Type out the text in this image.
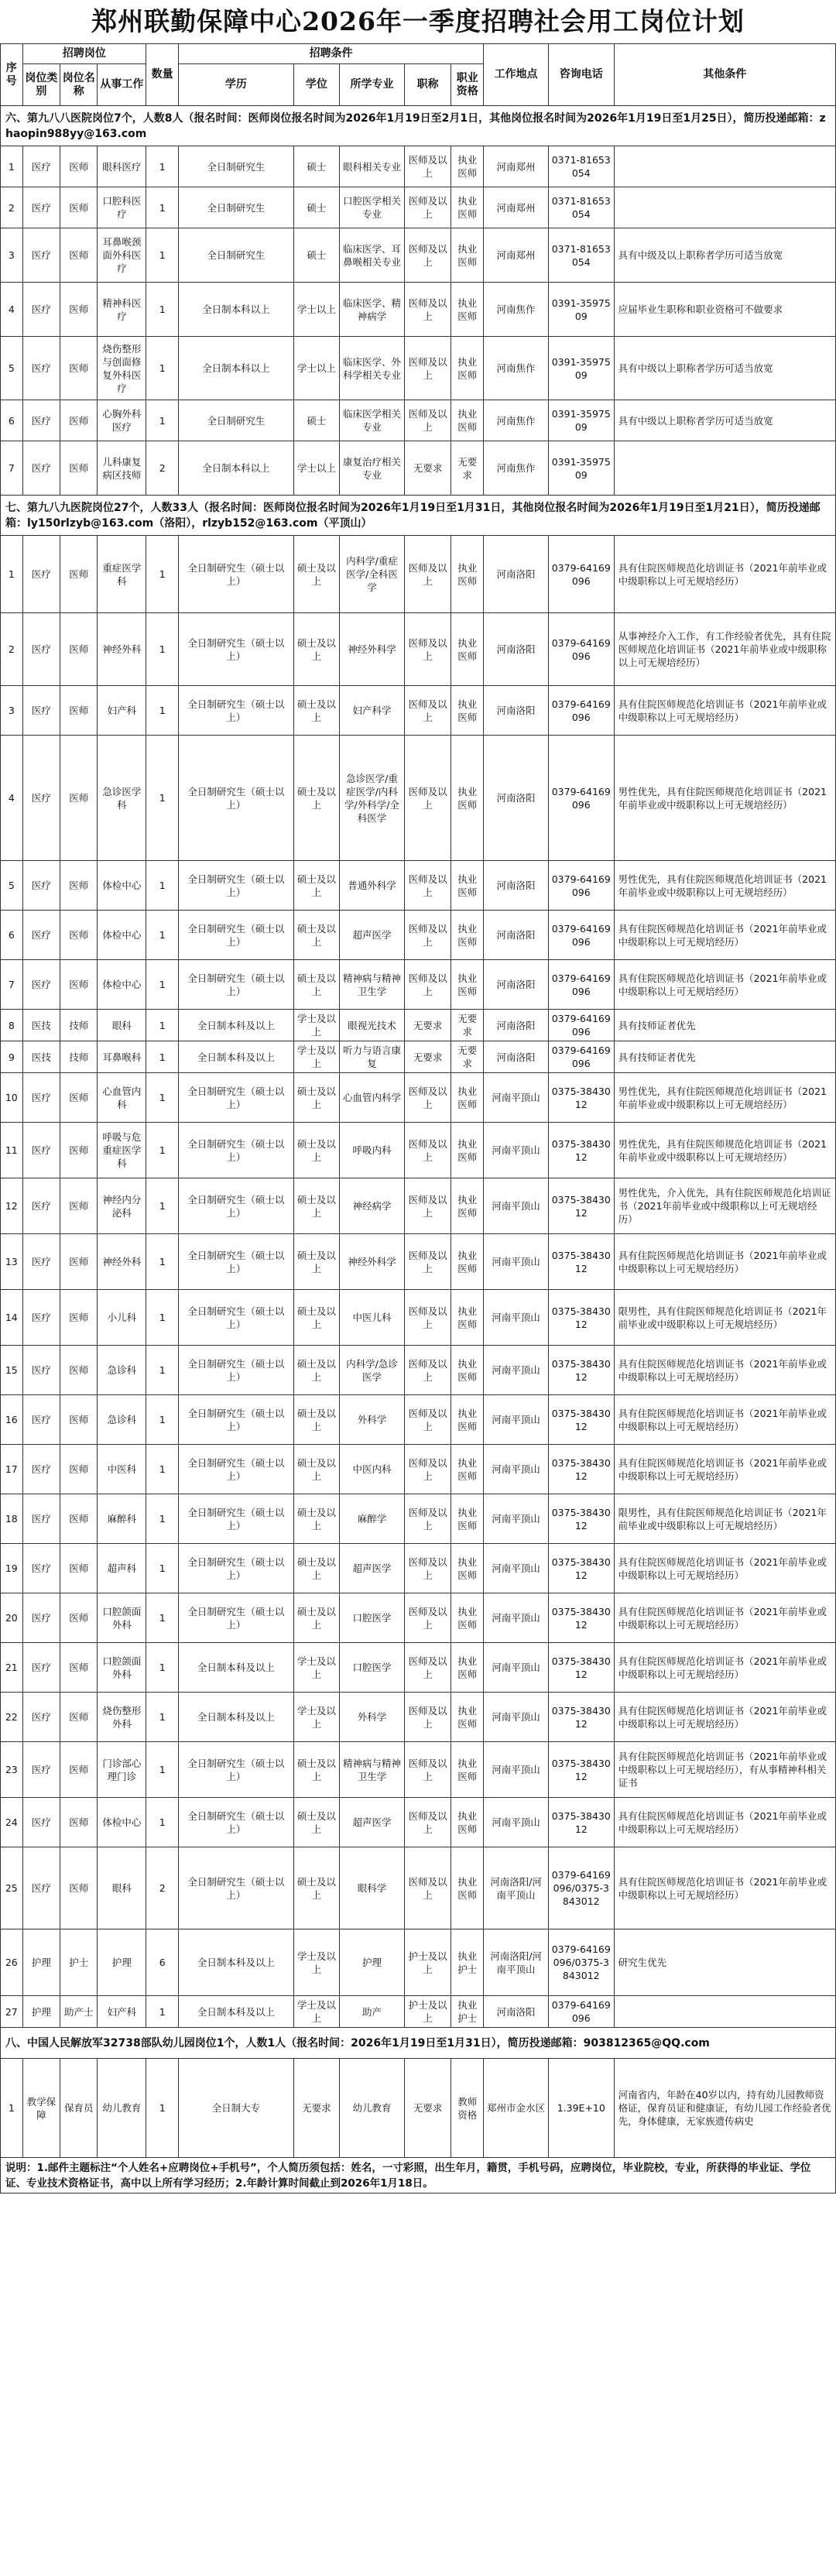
郑州联勤保障中心2026年一季度招聘社会用工岗位计划
序号	招聘岗位			数量	招聘条件					工作地点	咨询电话	其他条件
	岗位类别	岗位名称	从事工作		学历	学位	所学专业	职称	职业资格			
六、第九八八医院岗位7个，人数8人（报名时间：医师岗位报名时间为2026年1月19日至2月1日，其他岗位报名时间为2026年1月19日至1月25日），简历投递邮箱：zhaopin988yy@163.com												
1	医疗	医师	眼科医疗	1	全日制研究生	硕士	眼科相关专业	医师及以上	执业医师	河南郑州	0371-81653054	
2	医疗	医师	口腔科医疗	1	全日制研究生	硕士	口腔医学相关专业	医师及以上	执业医师	河南郑州	0371-81653054	
3	医疗	医师	耳鼻喉颈面外科医疗	1	全日制研究生	硕士	临床医学、耳鼻喉相关专业	医师及以上	执业医师	河南郑州	0371-81653054	具有中级及以上职称者学历可适当放宽
4	医疗	医师	精神科医疗	1	全日制本科以上	学士以上	临床医学、精神病学	医师及以上	执业医师	河南焦作	0391-3597509	应届毕业生职称和职业资格可不做要求
5	医疗	医师	烧伤整形与创面修复外科医疗	1	全日制本科以上	学士以上	临床医学、外科学相关专业	医师及以上	执业医师	河南焦作	0391-3597509	具有中级以上职称者学历可适当放宽
6	医疗	医师	心胸外科医疗	1	全日制研究生	硕士	临床医学相关专业	医师及以上	执业医师	河南焦作	0391-3597509	具有中级以上职称者学历可适当放宽
7	医疗	医师	儿科康复病区技师	2	全日制本科以上	学士以上	康复治疗相关专业	无要求	无要求	河南焦作	0391-3597509	
七、第九八九医院岗位27个，人数33人（报名时间：医师岗位报名时间为2026年1月19日至1月31日，其他岗位报名时间为2026年1月19日至1月21日），简历投递邮箱：ly150rlzyb@163.com（洛阳），rlzyb152@163.com（平顶山）												
1	医疗	医师	重症医学科	1	全日制研究生（硕士以上）	硕士及以上	内科学/重症医学/全科医学	医师及以上	执业医师	河南洛阳	0379-64169096	具有住院医师规范化培训证书（2021年前毕业或中级职称以上可无规培经历）
2	医疗	医师	神经外科	1	全日制研究生（硕士以上）	硕士及以上	神经外科学	医师及以上	执业医师	河南洛阳	0379-64169096	从事神经介入工作，有工作经验者优先，具有住院医师规范化培训证书（2021年前毕业或中级职称以上可无规培经历）
3	医疗	医师	妇产科	1	全日制研究生（硕士以上）	硕士及以上	妇产科学	医师及以上	执业医师	河南洛阳	0379-64169096	具有住院医师规范化培训证书（2021年前毕业或中级职称以上可无规培经历）
4	医疗	医师	急诊医学科	1	全日制研究生（硕士以上）	硕士及以上	急诊医学/重症医学/内科学/外科学/全科医学	医师及以上	执业医师	河南洛阳	0379-64169096	男性优先，具有住院医师规范化培训证书（2021年前毕业或中级职称以上可无规培经历）
5	医疗	医师	体检中心	1	全日制研究生（硕士以上）	硕士及以上	普通外科学	医师及以上	执业医师	河南洛阳	0379-64169096	男性优先，具有住院医师规范化培训证书（2021年前毕业或中级职称以上可无规培经历）
6	医疗	医师	体检中心	1	全日制研究生（硕士以上）	硕士及以上	超声医学	医师及以上	执业医师	河南洛阳	0379-64169096	具有住院医师规范化培训证书（2021年前毕业或中级职称以上可无规培经历）
7	医疗	医师	体检中心	1	全日制研究生（硕士以上）	硕士及以上	精神病与精神卫生学	医师及以上	执业医师	河南洛阳	0379-64169096	具有住院医师规范化培训证书（2021年前毕业或中级职称以上可无规培经历）
8	医技	技师	眼科	1	全日制本科及以上	学士及以上	眼视光技术	无要求	无要求	河南洛阳	0379-64169096	具有技师证者优先
9	医技	技师	耳鼻喉科	1	全日制本科及以上	学士及以上	听力与语言康复	无要求	无要求	河南洛阳	0379-64169096	具有技师证者优先
10	医疗	医师	心血管内科	1	全日制研究生（硕士以上）	硕士及以上	心血管内科学	医师及以上	执业医师	河南平顶山	0375-3843012	男性优先，具有住院医师规范化培训证书（2021年前毕业或中级职称以上可无规培经历）
11	医疗	医师	呼吸与危重症医学科	1	全日制研究生（硕士以上）	硕士及以上	呼吸内科	医师及以上	执业医师	河南平顶山	0375-3843012	男性优先，具有住院医师规范化培训证书（2021年前毕业或中级职称以上可无规培经历）
12	医疗	医师	神经内分泌科	1	全日制研究生（硕士以上）	硕士及以上	神经病学	医师及以上	执业医师	河南平顶山	0375-3843012	男性优先，介入优先，具有住院医师规范化培训证书（2021年前毕业或中级职称以上可无规培经历）
13	医疗	医师	神经外科	1	全日制研究生（硕士以上）	硕士及以上	神经外科学	医师及以上	执业医师	河南平顶山	0375-3843012	具有住院医师规范化培训证书（2021年前毕业或中级职称以上可无规培经历）
14	医疗	医师	小儿科	1	全日制研究生（硕士以上）	硕士及以上	中医儿科	医师及以上	执业医师	河南平顶山	0375-3843012	限男性，具有住院医师规范化培训证书（2021年前毕业或中级职称以上可无规培经历）
15	医疗	医师	急诊科	1	全日制研究生（硕士以上）	硕士及以上	内科学/急诊医学	医师及以上	执业医师	河南平顶山	0375-3843012	具有住院医师规范化培训证书（2021年前毕业或中级职称以上可无规培经历）
16	医疗	医师	急诊科	1	全日制研究生（硕士以上）	硕士及以上	外科学	医师及以上	执业医师	河南平顶山	0375-3843012	具有住院医师规范化培训证书（2021年前毕业或中级职称以上可无规培经历）
17	医疗	医师	中医科	1	全日制研究生（硕士以上）	硕士及以上	中医内科	医师及以上	执业医师	河南平顶山	0375-3843012	具有住院医师规范化培训证书（2021年前毕业或中级职称以上可无规培经历）
18	医疗	医师	麻醉科	1	全日制研究生（硕士以上）	硕士及以上	麻醉学	医师及以上	执业医师	河南平顶山	0375-3843012	限男性，具有住院医师规范化培训证书（2021年前毕业或中级职称以上可无规培经历）
19	医疗	医师	超声科	1	全日制研究生（硕士以上）	硕士及以上	超声医学	医师及以上	执业医师	河南平顶山	0375-3843012	具有住院医师规范化培训证书（2021年前毕业或中级职称以上可无规培经历）
20	医疗	医师	口腔颌面外科	1	全日制研究生（硕士以上）	硕士及以上	口腔医学	医师及以上	执业医师	河南平顶山	0375-3843012	具有住院医师规范化培训证书（2021年前毕业或中级职称以上可无规培经历）
21	医疗	医师	口腔颌面外科	1	全日制本科及以上	学士及以上	口腔医学	医师及以上	执业医师	河南平顶山	0375-3843012	具有住院医师规范化培训证书（2021年前毕业或中级职称以上可无规培经历）
22	医疗	医师	烧伤整形外科	1	全日制本科及以上	学士及以上	外科学	医师及以上	执业医师	河南平顶山	0375-3843012	具有住院医师规范化培训证书（2021年前毕业或中级职称以上可无规培经历）
23	医疗	医师	门诊部心理门诊	1	全日制研究生（硕士以上）	硕士及以上	精神病与精神卫生学	医师及以上	执业医师	河南平顶山	0375-3843012	具有住院医师规范化培训证书（2021年前毕业或中级职称以上可无规培经历），有从事精神科相关证书
24	医疗	医师	体检中心	1	全日制研究生（硕士以上）	硕士及以上	超声医学	医师及以上	执业医师	河南平顶山	0375-3843012	具有住院医师规范化培训证书（2021年前毕业或中级职称以上可无规培经历）
25	医疗	医师	眼科	2	全日制研究生（硕士以上）	硕士及以上	眼科学	医师及以上	执业医师	河南洛阳/河南平顶山	0379-64169096/0375-3843012	具有住院医师规范化培训证书（2021年前毕业或中级职称以上可无规培经历）
26	护理	护士	护理	6	全日制本科及以上	学士及以上	护理	护士及以上	执业护士	河南洛阳/河南平顶山	0379-64169096/0375-3843012	研究生优先
27	护理	助产士	妇产科	1	全日制本科及以上	学士及以上	助产	护士及以上	执业护士	河南洛阳	0379-64169096	
八、中国人民解放军32738部队幼儿园岗位1个，人数1人（报名时间：2026年1月19日至1月31日），简历投递邮箱：903812365@QQ.com												
1	教学保障	保育员	幼儿教育	1	全日制大专	无要求	幼儿教育	无要求	教师资格	郑州市金水区	1.39E+10	河南省内，年龄在40岁以内，持有幼儿园教师资格证，保育员证和健康证，有幼儿园工作经验者优先，身体健康，无家族遗传病史
说明：1.邮件主题标注“个人姓名+应聘岗位+手机号”，个人简历须包括：姓名，一寸彩照，出生年月，籍贯，手机号码，应聘岗位，毕业院校，专业，所获得的毕业证、学位证、专业技术资格证书，高中以上所有学习经历；2.年龄计算时间截止到2026年1月18日。												
